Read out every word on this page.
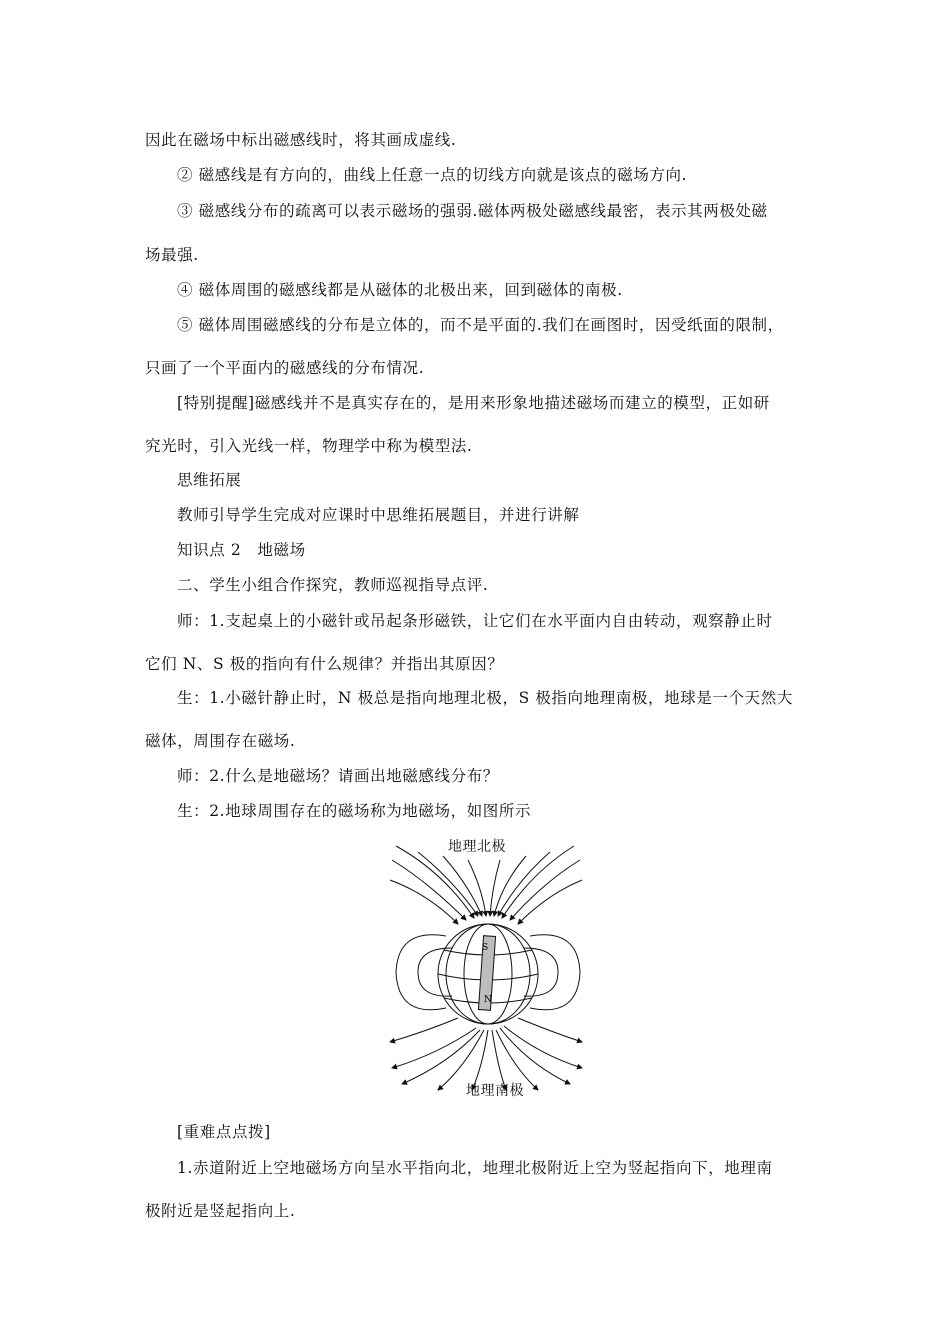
因此在磁场中标出磁感线时，将其画成虚线.
② 磁感线是有方向的，曲线上任意一点的切线方向就是该点的磁场方向.
③ 磁感线分布的疏离可以表示磁场的强弱.磁体两极处磁感线最密，表示其两极处磁
场最强.
④ 磁体周围的磁感线都是从磁体的北极出来，回到磁体的南极.
⑤ 磁体周围磁感线的分布是立体的，而不是平面的.我们在画图时，因受纸面的限制，
只画了一个平面内的磁感线的分布情况.
[特别提醒]磁感线并不是真实存在的，是用来形象地描述磁场而建立的模型，正如研
究光时，引入光线一样，物理学中称为模型法.
思维拓展
教师引导学生完成对应课时中思维拓展题目，并进行讲解
知识点 2　地磁场
二、学生小组合作探究，教师巡视指导点评.
师：1.支起桌上的小磁针或吊起条形磁铁，让它们在水平面内自由转动，观察静止时
它们 N、S 极的指向有什么规律？并指出其原因？
生：1.小磁针静止时，N 极总是指向地理北极，S 极指向地理南极，地球是一个天然大
磁体，周围存在磁场.
师：2.什么是地磁场？请画出地磁感线分布？
生：2.地球周围存在的磁场称为地磁场，如图所示
地理北极
S
N
地理南极
[重难点点拨]
1.赤道附近上空地磁场方向呈水平指向北，地理北极附近上空为竖起指向下，地理南
极附近是竖起指向上.
